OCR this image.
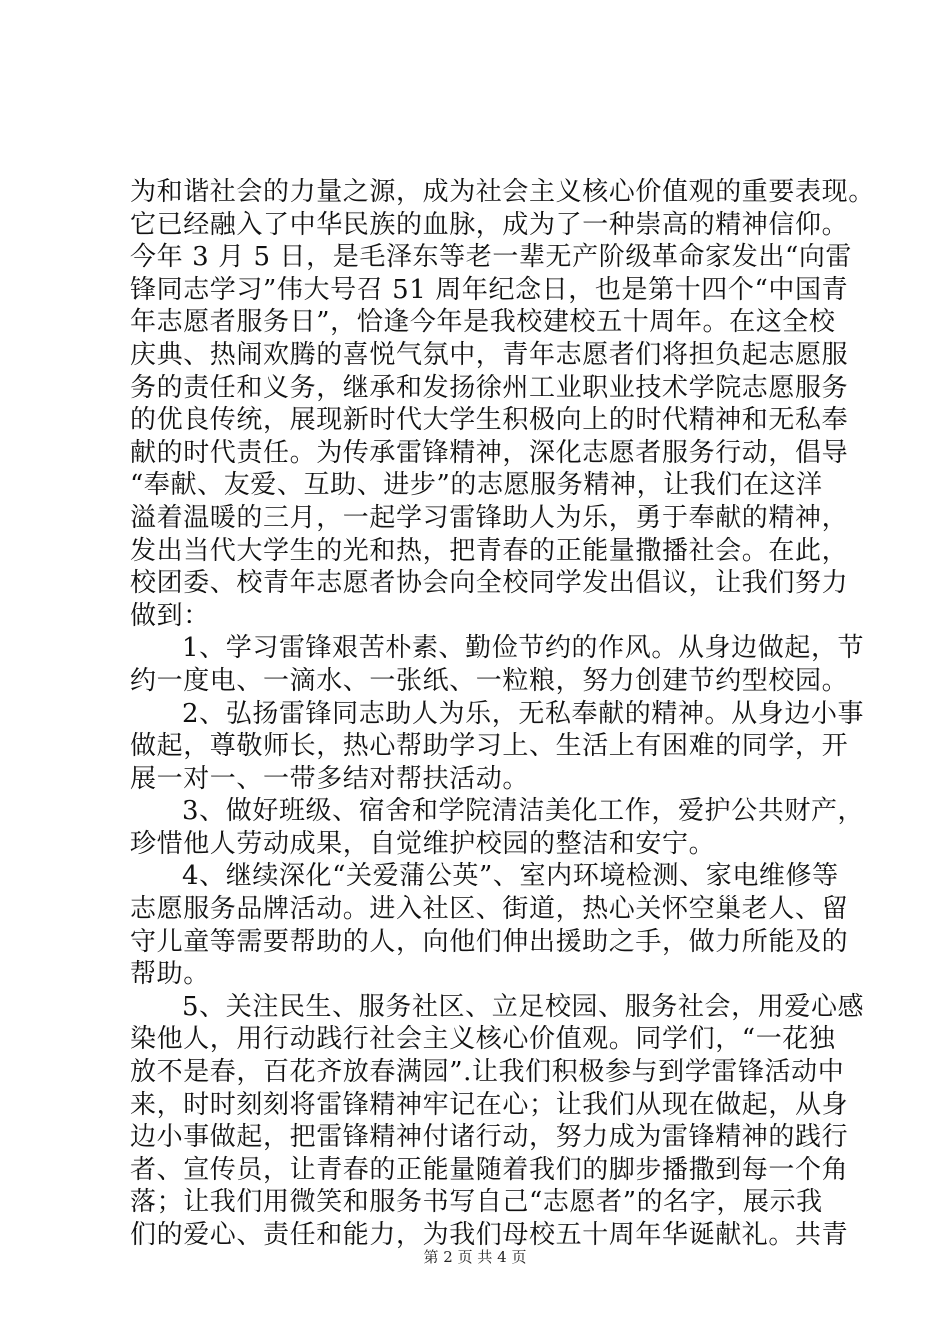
为和谐社会的力量之源，成为社会主义核心价值观的重要表现。
它已经融入了中华民族的血脉，成为了一种崇高的精神信仰。
今年 3 月 5 日，是毛泽东等老一辈无产阶级革命家发出“向雷
锋同志学习”伟大号召 51 周年纪念日，也是第十四个“中国青
年志愿者服务日”，恰逢今年是我校建校五十周年。在这全校
庆典、热闹欢腾的喜悦气氛中，青年志愿者们将担负起志愿服
务的责任和义务，继承和发扬徐州工业职业技术学院志愿服务
的优良传统，展现新时代大学生积极向上的时代精神和无私奉
献的时代责任。为传承雷锋精神，深化志愿者服务行动，倡导
“奉献、友爱、互助、进步”的志愿服务精神，让我们在这洋
溢着温暖的三月，一起学习雷锋助人为乐，勇于奉献的精神，
发出当代大学生的光和热，把青春的正能量撒播社会。在此，
校团委、校青年志愿者协会向全校同学发出倡议，让我们努力
做到：
1、学习雷锋艰苦朴素、勤俭节约的作风。从身边做起，节
约一度电、一滴水、一张纸、一粒粮，努力创建节约型校园。
2、弘扬雷锋同志助人为乐，无私奉献的精神。从身边小事
做起，尊敬师长，热心帮助学习上、生活上有困难的同学，开
展一对一、一带多结对帮扶活动。
3、做好班级、宿舍和学院清洁美化工作，爱护公共财产，
珍惜他人劳动成果，自觉维护校园的整洁和安宁。
4、继续深化“关爱蒲公英”、室内环境检测、家电维修等
志愿服务品牌活动。进入社区、街道，热心关怀空巢老人、留
守儿童等需要帮助的人，向他们伸出援助之手，做力所能及的
帮助。
5、关注民生、服务社区、立足校园、服务社会，用爱心感
染他人，用行动践行社会主义核心价值观。同学们，“一花独
放不是春，百花齐放春满园”.让我们积极参与到学雷锋活动中
来，时时刻刻将雷锋精神牢记在心；让我们从现在做起，从身
边小事做起，把雷锋精神付诸行动，努力成为雷锋精神的践行
者、宣传员，让青春的正能量随着我们的脚步播撒到每一个角
落；让我们用微笑和服务书写自己“志愿者”的名字，展示我
们的爱心、责任和能力，为我们母校五十周年华诞献礼。共青
第 2 页 共 4 页
